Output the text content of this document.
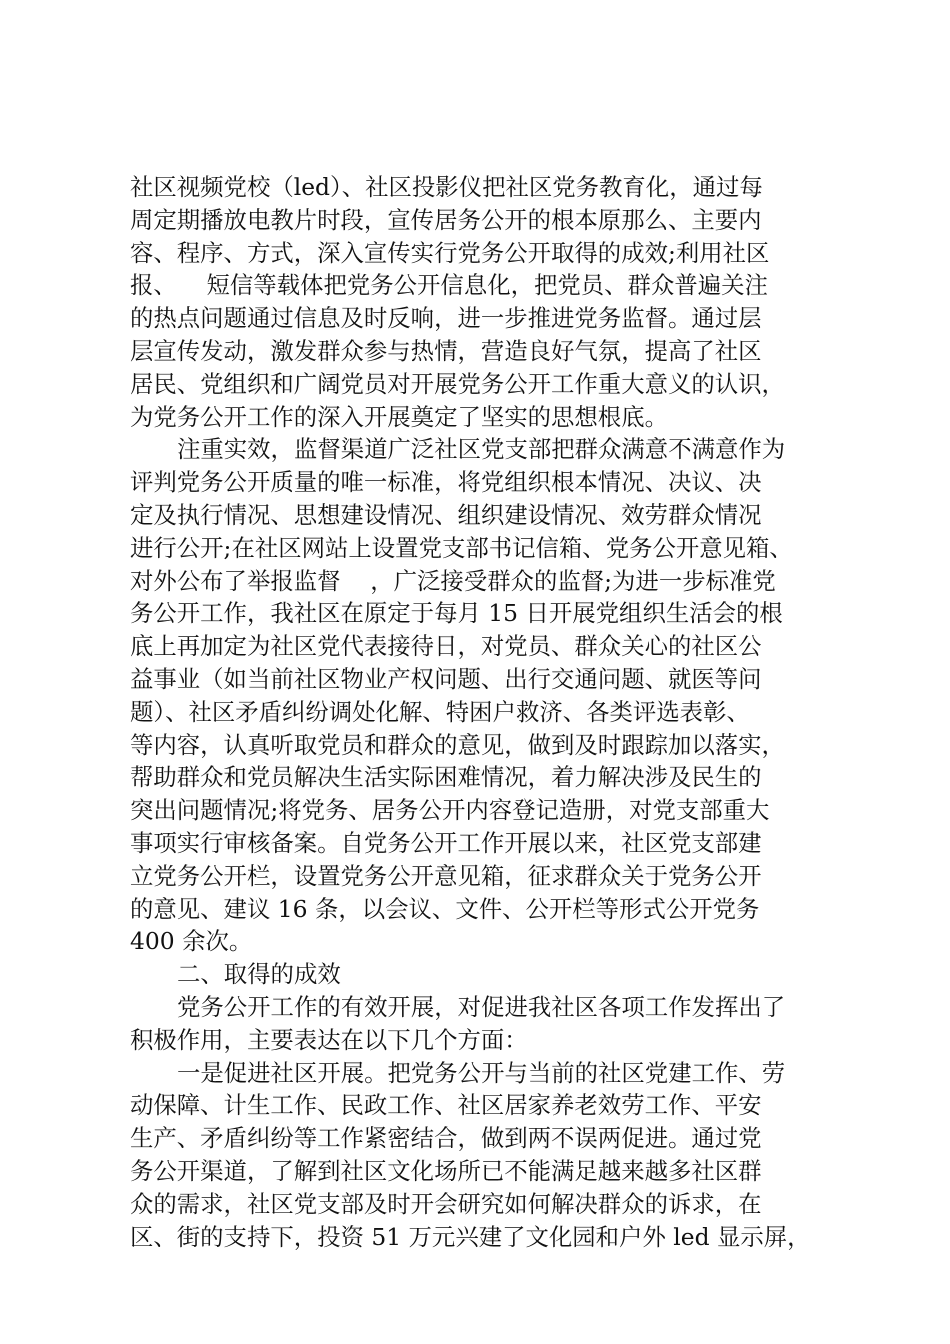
社区视频党校（led）、社区投影仪把社区党务教育化，通过每
周定期播放电教片时段，宣传居务公开的根本原那么、主要内
容、程序、方式，深入宣传实行党务公开取得的成效;利用社区
报、    短信等载体把党务公开信息化，把党员、群众普遍关注
的热点问题通过信息及时反响，进一步推进党务监督。通过层
层宣传发动，激发群众参与热情，营造良好气氛，提高了社区
居民、党组织和广阔党员对开展党务公开工作重大意义的认识，
为党务公开工作的深入开展奠定了坚实的思想根底。
注重实效，监督渠道广泛社区党支部把群众满意不满意作为
评判党务公开质量的唯一标准，将党组织根本情况、决议、决
定及执行情况、思想建设情况、组织建设情况、效劳群众情况
进行公开;在社区网站上设置党支部书记信箱、党务公开意见箱、
对外公布了举报监督    ，广泛接受群众的监督;为进一步标准党
务公开工作，我社区在原定于每月 15 日开展党组织生活会的根
底上再加定为社区党代表接待日，对党员、群众关心的社区公
益事业（如当前社区物业产权问题、出行交通问题、就医等问
题）、社区矛盾纠纷调处化解、特困户救济、各类评选表彰、
等内容，认真听取党员和群众的意见，做到及时跟踪加以落实，
帮助群众和党员解决生活实际困难情况，着力解决涉及民生的
突出问题情况;将党务、居务公开内容登记造册，对党支部重大
事项实行审核备案。自党务公开工作开展以来，社区党支部建
立党务公开栏，设置党务公开意见箱，征求群众关于党务公开
的意见、建议 16 条，以会议、文件、公开栏等形式公开党务
400 余次。
二、取得的成效
党务公开工作的有效开展，对促进我社区各项工作发挥出了
积极作用，主要表达在以下几个方面：
一是促进社区开展。把党务公开与当前的社区党建工作、劳
动保障、计生工作、民政工作、社区居家养老效劳工作、平安
生产、矛盾纠纷等工作紧密结合，做到两不误两促进。通过党
务公开渠道，了解到社区文化场所已不能满足越来越多社区群
众的需求，社区党支部及时开会研究如何解决群众的诉求，在
区、街的支持下，投资 51 万元兴建了文化园和户外 led 显示屏，
